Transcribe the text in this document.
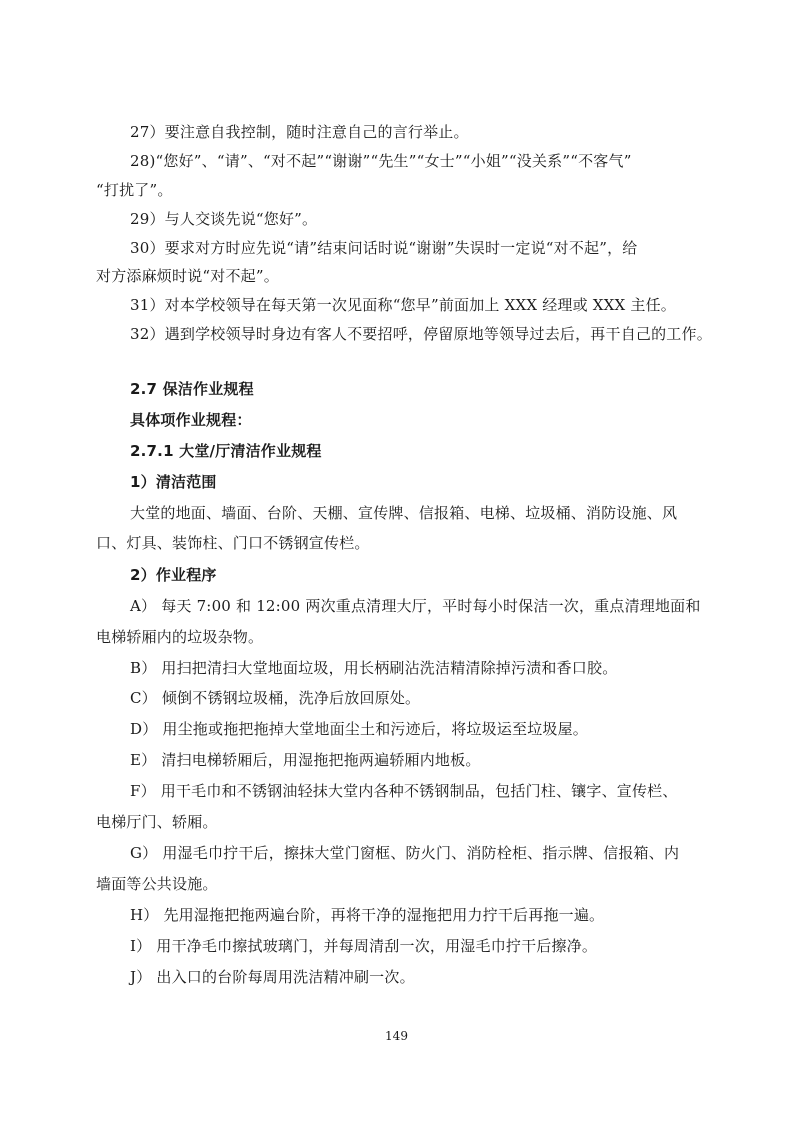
27）要注意自我控制，随时注意自己的言行举止。
28)“您好”、“请”、“对不起”“谢谢”“先生”“女士”“小姐”“没关系”“不客气”
“打扰了”。
29）与人交谈先说“您好”。
30）要求对方时应先说“请”结束问话时说“谢谢”失误时一定说“对不起”，给
对方添麻烦时说“对不起”。
31）对本学校领导在每天第一次见面称“您早”前面加上 XXX 经理或 XXX 主任。
32）遇到学校领导时身边有客人不要招呼，停留原地等领导过去后，再干自己的工作。
2.7 保洁作业规程
具体项作业规程：
2.7.1 大堂/厅清洁作业规程
1）清洁范围
大堂的地面、墙面、台阶、天棚、宣传牌、信报箱、电梯、垃圾桶、消防设施、风
口、灯具、装饰柱、门口不锈钢宣传栏。
2）作业程序
A） 每天 7:00 和 12:00 两次重点清理大厅，平时每小时保洁一次，重点清理地面和
电梯轿厢内的垃圾杂物。
B） 用扫把清扫大堂地面垃圾，用长柄刷沾洗洁精清除掉污渍和香口胶。
C） 倾倒不锈钢垃圾桶，洗净后放回原处。
D） 用尘拖或拖把拖掉大堂地面尘土和污迹后，将垃圾运至垃圾屋。
E） 清扫电梯轿厢后，用湿拖把拖两遍轿厢内地板。
F） 用干毛巾和不锈钢油轻抹大堂内各种不锈钢制品，包括门柱、镶字、宣传栏、
电梯厅门、轿厢。
G） 用湿毛巾拧干后，擦抹大堂门窗框、防火门、消防栓柜、指示牌、信报箱、内
墙面等公共设施。
H） 先用湿拖把拖两遍台阶，再将干净的湿拖把用力拧干后再拖一遍。
I） 用干净毛巾擦拭玻璃门，并每周清刮一次，用湿毛巾拧干后擦净。
J） 出入口的台阶每周用洗洁精冲刷一次。
149
